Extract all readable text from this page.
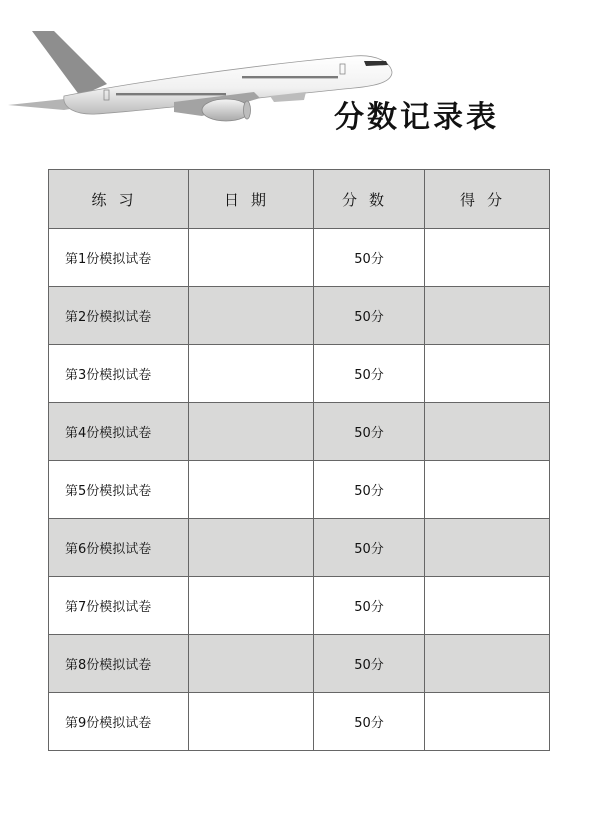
分数记录表
练习	日期	分数	得分
第1份模拟试卷		50分	
第2份模拟试卷		50分	
第3份模拟试卷		50分	
第4份模拟试卷		50分	
第5份模拟试卷		50分	
第6份模拟试卷		50分	
第7份模拟试卷		50分	
第8份模拟试卷		50分	
第9份模拟试卷		50分	
